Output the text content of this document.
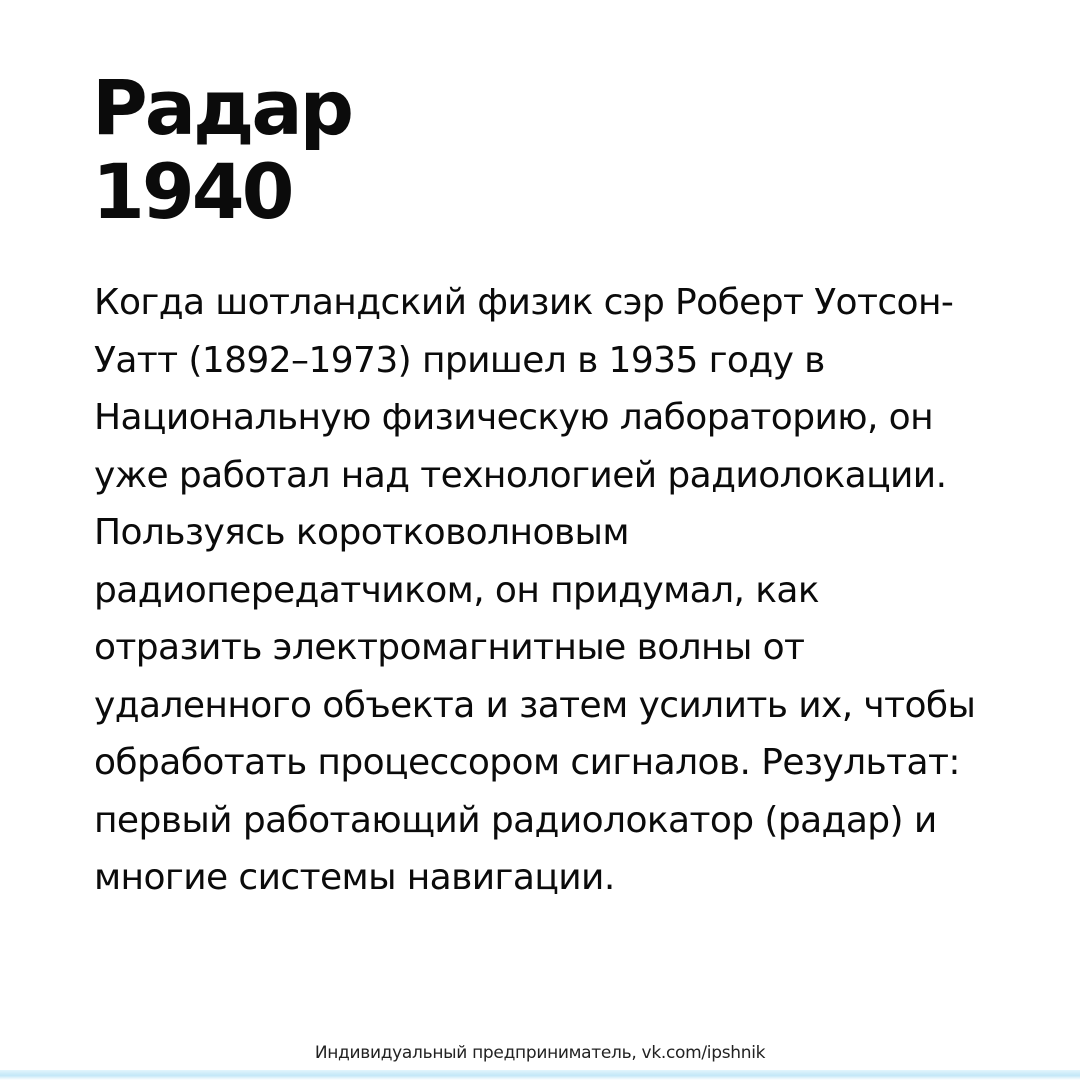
Радар
1940
Когда шотландский физик сэр Роберт Уотсон-
Уатт (1892–1973) пришел в 1935 году в
Национальную физическую лабораторию, он
уже работал над технологией радиолокации.
Пользуясь коротковолновым
радиопередатчиком, он придумал, как
отразить электромагнитные волны от
удаленного объекта и затем усилить их, чтобы
обработать процессором сигналов. Результат:
первый работающий радиолокатор (радар) и
многие системы навигации.
Индивидуальный предприниматель, vk.com/ipshnik
